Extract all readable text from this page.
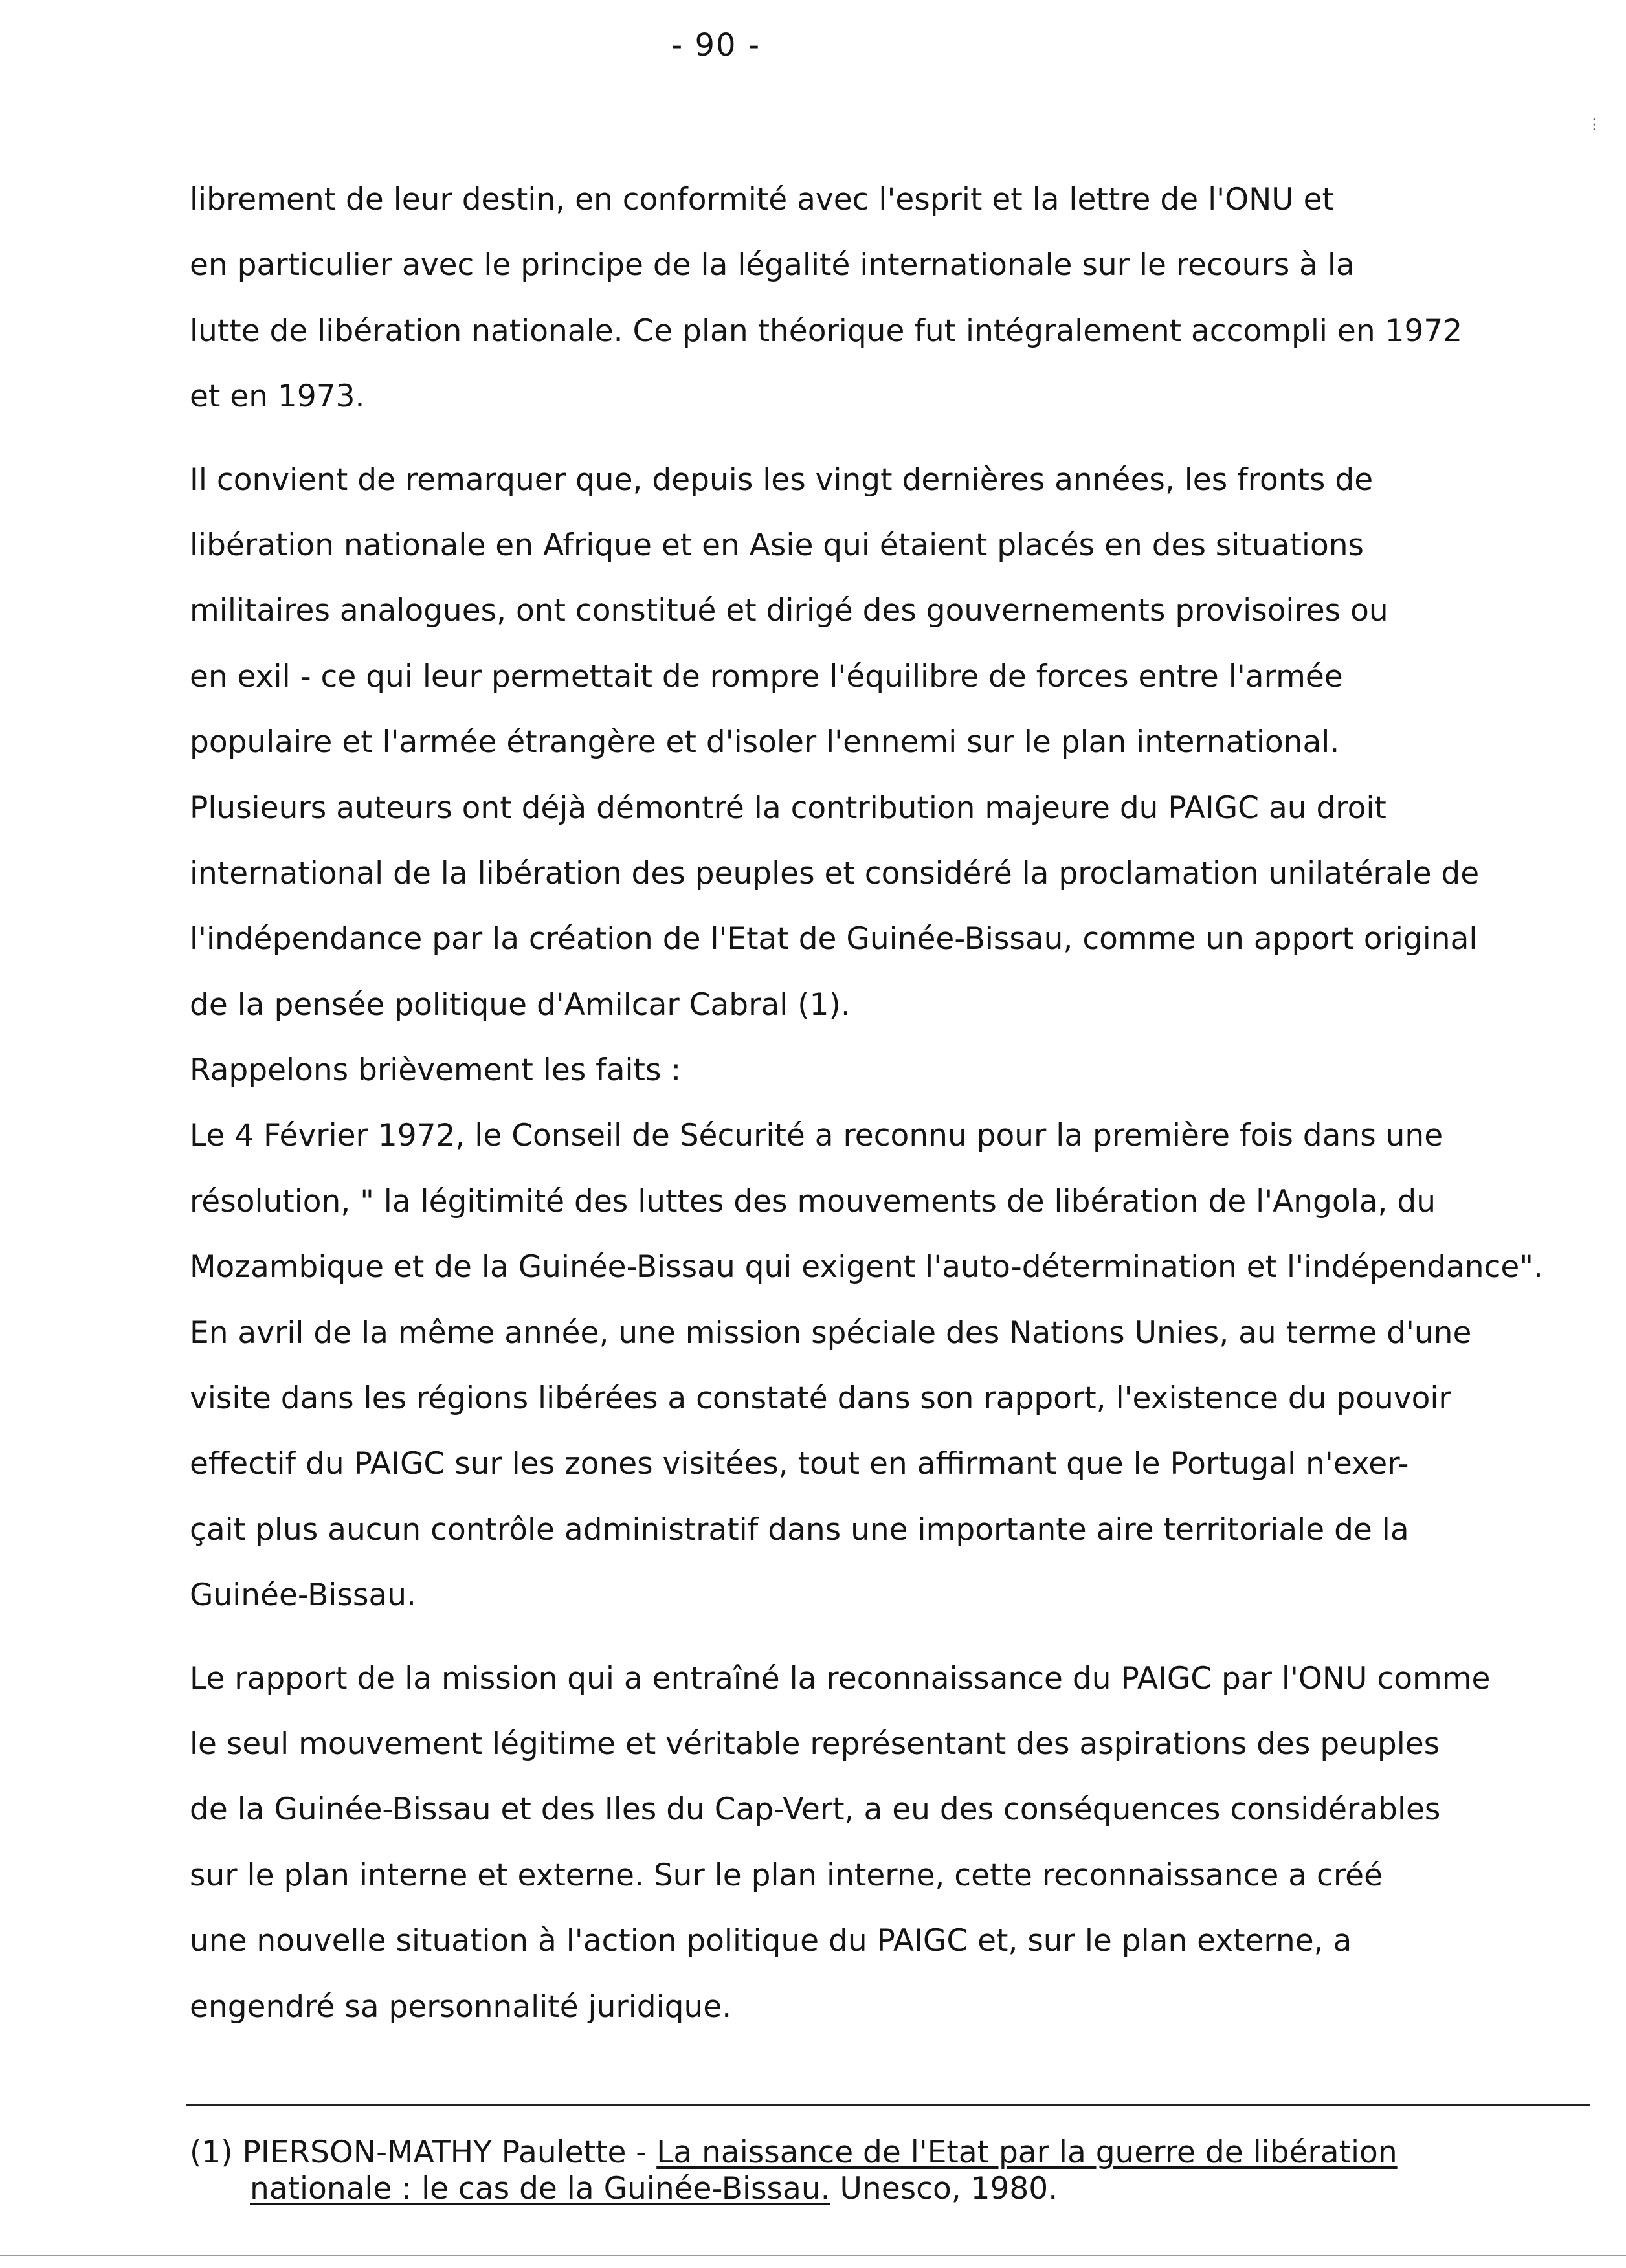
- 90 -
⋮
librement de leur destin, en conformité avec l'esprit et la lettre de l'ONU et
en particulier avec le principe de la légalité internationale sur le recours à la
lutte de libération nationale. Ce plan théorique fut intégralement accompli en 1972
et en 1973.
Il convient de remarquer que, depuis les vingt dernières années, les fronts de
libération nationale en Afrique et en Asie qui étaient placés en des situations
militaires analogues, ont constitué et dirigé des gouvernements provisoires ou
en exil - ce qui leur permettait de rompre l'équilibre de forces entre l'armée
populaire et l'armée étrangère et d'isoler l'ennemi sur le plan international.
Plusieurs auteurs ont déjà démontré la contribution majeure du PAIGC au droit
international de la libération des peuples et considéré la proclamation unilatérale de
l'indépendance par la création de l'Etat de Guinée-Bissau, comme un apport original
de la pensée politique d'Amilcar Cabral (1).
Rappelons brièvement les faits :
Le 4 Février 1972, le Conseil de Sécurité a reconnu pour la première fois dans une
résolution, " la légitimité des luttes des mouvements de libération de l'Angola, du
Mozambique et de la Guinée-Bissau qui exigent l'auto-détermination et l'indépendance".
En avril de la même année, une mission spéciale des Nations Unies, au terme d'une
visite dans les régions libérées a constaté dans son rapport, l'existence du pouvoir
effectif du PAIGC sur les zones visitées, tout en affirmant que le Portugal n'exer-
çait plus aucun contrôle administratif dans une importante aire territoriale de la
Guinée-Bissau.
Le rapport de la mission qui a entraîné la reconnaissance du PAIGC par l'ONU comme
le seul mouvement légitime et véritable représentant des aspirations des peuples
de la Guinée-Bissau et des Iles du Cap-Vert, a eu des conséquences considérables
sur le plan interne et externe. Sur le plan interne, cette reconnaissance a créé
une nouvelle situation à l'action politique du PAIGC et, sur le plan externe, a
engendré sa personnalité juridique.
(1) PIERSON-MATHY Paulette - La naissance de l'Etat par la guerre de libération
nationale : le cas de la Guinée-Bissau. Unesco, 1980.
